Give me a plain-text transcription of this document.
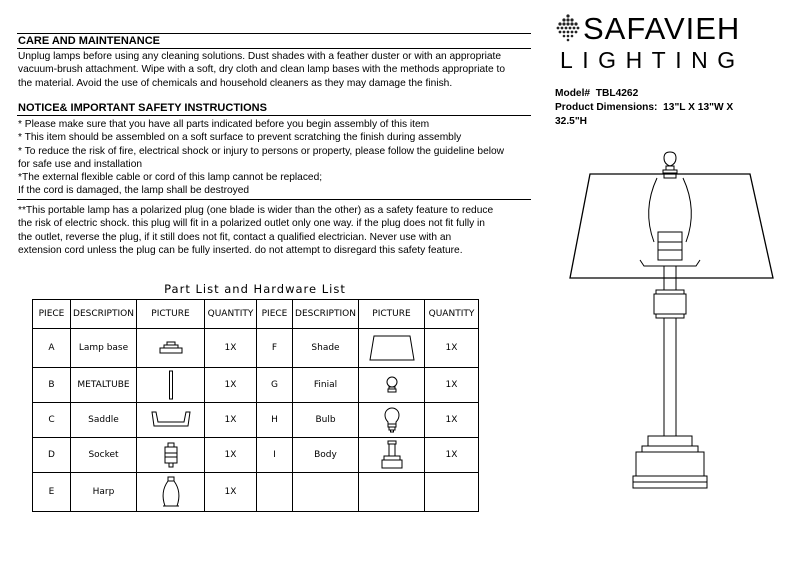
CARE AND MAINTENANCE
Unplug lamps before using any cleaning solutions. Dust shades with a feather duster or with an appropriate
vacuum-brush attachment. Wipe with a soft, dry cloth and clean lamp bases with the methods appropriate to
the material. Avoid the use of chemicals and household cleaners as they may damage the finish.
NOTICE& IMPORTANT SAFETY INSTRUCTIONS
* Please make sure that you have all parts indicated before you begin assembly of this item
* This item should be assembled on a soft surface to prevent scratching the finish during assembly
* To reduce the risk of fire, electrical shock or injury to persons or property, please follow the guideline below
for safe use and installation
*The external flexible cable or cord of this lamp cannot be replaced;
If the cord is damaged, the lamp shall be destroyed
**This portable lamp has a polarized plug (one blade is wider than the other) as a safety feature to reduce
the risk of electric shock. this plug will fit in a polarized outlet only one way. if the plug does not fit fully in
the outlet, reverse the plug, if it still does not fit, contact a qualified electrician. Never use with an
extension cord unless the plug can be fully inserted. do not attempt to disregard this safety feature.
SAFAVIEH
LIGHTING
Model# TBL4262
Product Dimensions: 13"L X 13"W X
32.5"H
Part List and Hardware List
PIECE	DESCRIPTION	PICTURE	QUANTITY	PIECE	DESCRIPTION	PICTURE	QUANTITY
A	Lamp base		1X	F	Shade		1X
B	METALTUBE		1X	G	Finial		1X
C	Saddle		1X	H	Bulb		1X
D	Socket		1X	I	Body		1X
E	Harp		1X				
